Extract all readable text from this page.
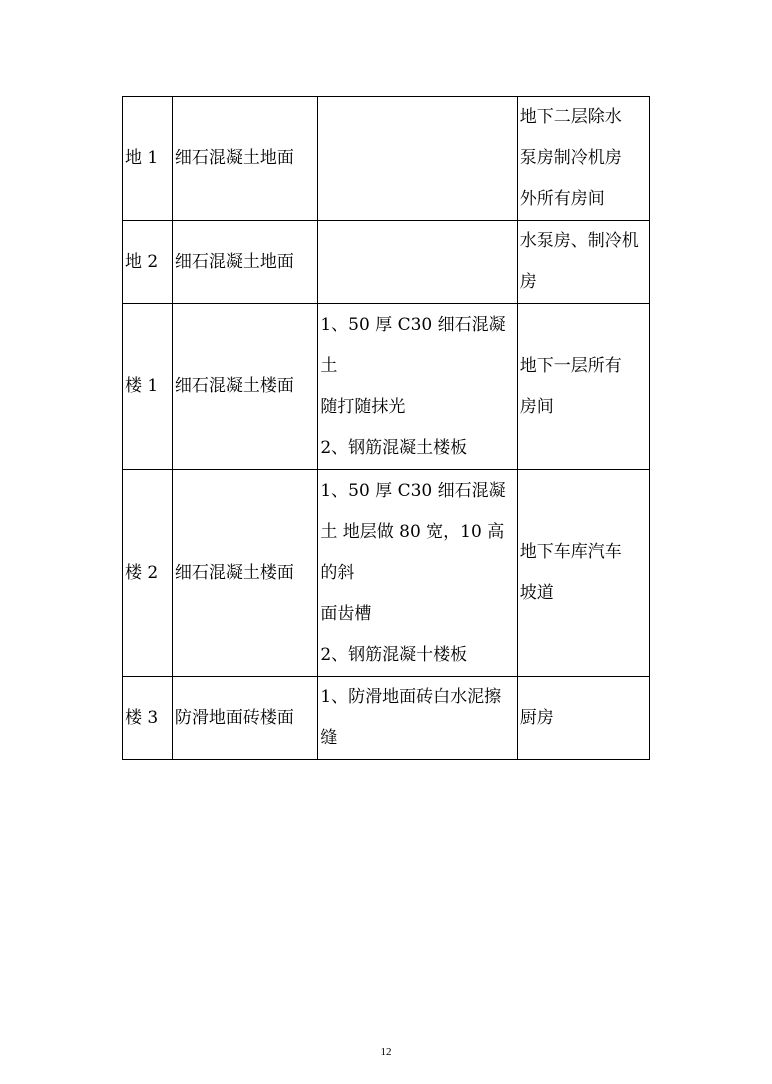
地 1	细石混凝土地面		地下二层除水
泵房制冷机房
外所有房间

地 2	细石混凝土地面		水泵房、制冷机
房

楼 1	细石混凝土楼面	1、50 厚 C30 细石混凝
土
随打随抹光
2、钢筋混凝土楼板	地下一层所有
房间

楼 2	细石混凝土楼面	1、50 厚 C30 细石混凝
土 地层做 80 宽，10 高
的斜
面齿槽
2、钢筋混凝十楼板	地下车库汽车
坡道

楼 3	防滑地面砖楼面	1、防滑地面砖白水泥擦
缝	厨房
12
